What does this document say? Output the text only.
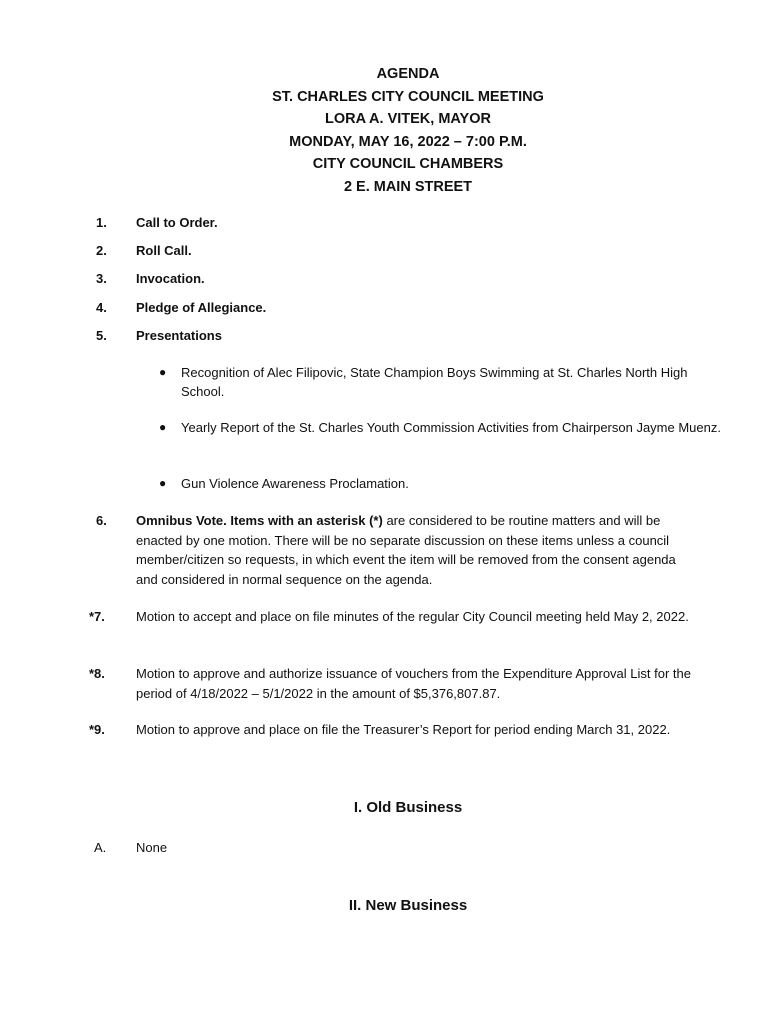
AGENDA
ST. CHARLES CITY COUNCIL MEETING
LORA A. VITEK, MAYOR
MONDAY, MAY 16, 2022 – 7:00 P.M.
CITY COUNCIL CHAMBERS
2 E. MAIN STREET
1. Call to Order.
2. Roll Call.
3. Invocation.
4. Pledge of Allegiance.
5. Presentations
● Recognition of Alec Filipovic, State Champion Boys Swimming at St. Charles North High School.
● Yearly Report of the St. Charles Youth Commission Activities from Chairperson Jayme Muenz.
● Gun Violence Awareness Proclamation.
6. Omnibus Vote. Items with an asterisk (*) are considered to be routine matters and will be enacted by one motion. There will be no separate discussion on these items unless a council member/citizen so requests, in which event the item will be removed from the consent agenda and considered in normal sequence on the agenda.
*7. Motion to accept and place on file minutes of the regular City Council meeting held May 2, 2022.
*8. Motion to approve and authorize issuance of vouchers from the Expenditure Approval List for the period of 4/18/2022 – 5/1/2022 in the amount of $5,376,807.87.
*9. Motion to approve and place on file the Treasurer’s Report for period ending March 31, 2022.
I. Old Business
A. None
II. New Business
